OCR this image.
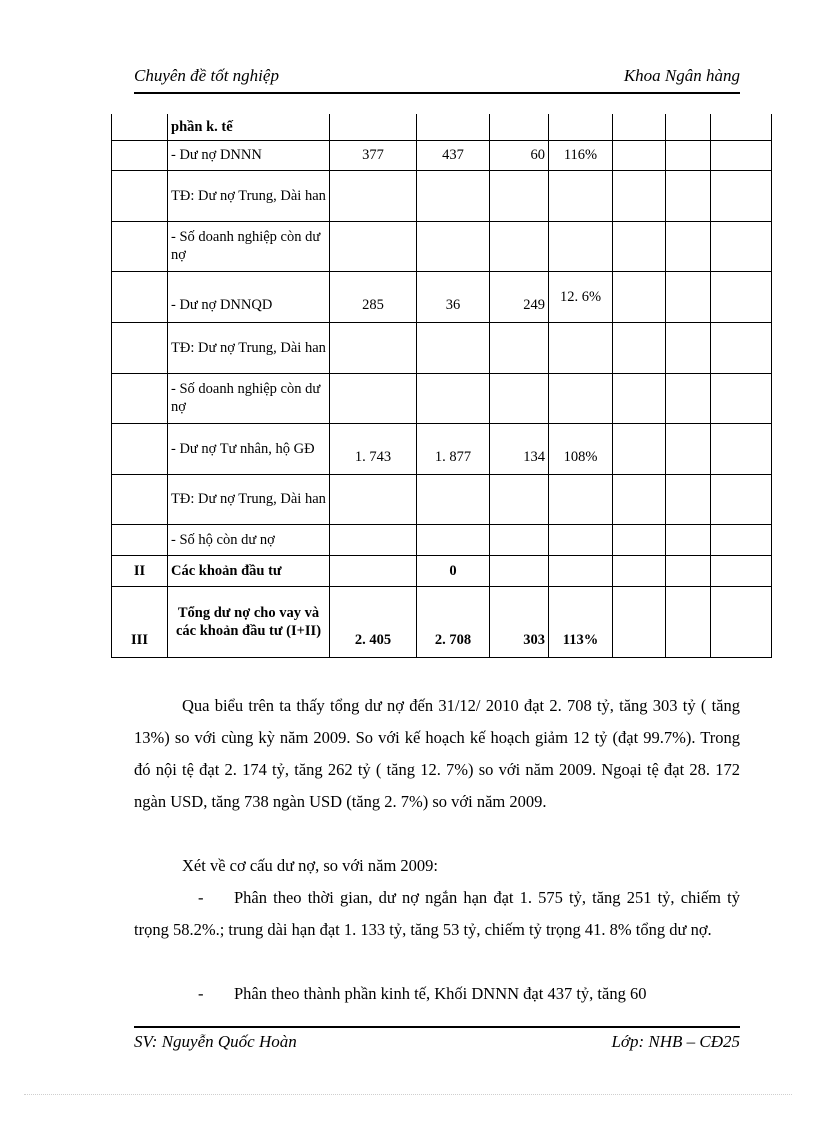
Chuyên đề tốt nghiệp	Khoa Ngân hàng
	phần k. tế							
	- Dư nợ DNNN	377	437	60	116%			
	TĐ: Dư nợ Trung, Dài han							
	- Số doanh nghiệp còn dư nợ							
	- Dư nợ DNNQD	285	36	249	12. 6%			
	TĐ: Dư nợ Trung, Dài han							
	- Số doanh nghiệp còn dư nợ							
	- Dư nợ Tư nhân, hộ GĐ	1. 743	1. 877	134	108%			
	TĐ: Dư nợ Trung, Dài han							
	- Số hộ còn dư nợ							
II	Các khoản đầu tư		0					
III	Tổng dư nợ cho vay và các khoản đầu tư (I+II)	2. 405	2. 708	303	113%			
Qua biểu trên ta thấy tổng dư nợ đến 31/12/ 2010 đạt 2. 708 tỷ, tăng 303 tỷ ( tăng 13%) so với cùng kỳ năm 2009. So với kế hoạch kế hoạch giảm 12 tỷ (đạt 99.7%). Trong đó nội tệ đạt 2. 174 tỷ, tăng 262 tỷ ( tăng 12. 7%) so với năm 2009. Ngoại tệ đạt 28. 172 ngàn USD, tăng 738 ngàn USD (tăng 2. 7%) so với năm 2009.
Xét về cơ cấu dư nợ, so với năm 2009:
-	Phân theo thời gian, dư nợ ngắn hạn đạt 1. 575 tỷ, tăng 251 tỷ, chiếm tỷ trọng 58.2%.; trung dài hạn đạt 1. 133 tỷ, tăng 53 tỷ, chiếm tỷ trọng 41. 8% tổng dư nợ.
-	Phân theo thành phần kinh tế, Khối DNNN đạt 437 tỷ, tăng 60
SV: Nguyễn Quốc Hoàn	Lớp: NHB – CĐ25
